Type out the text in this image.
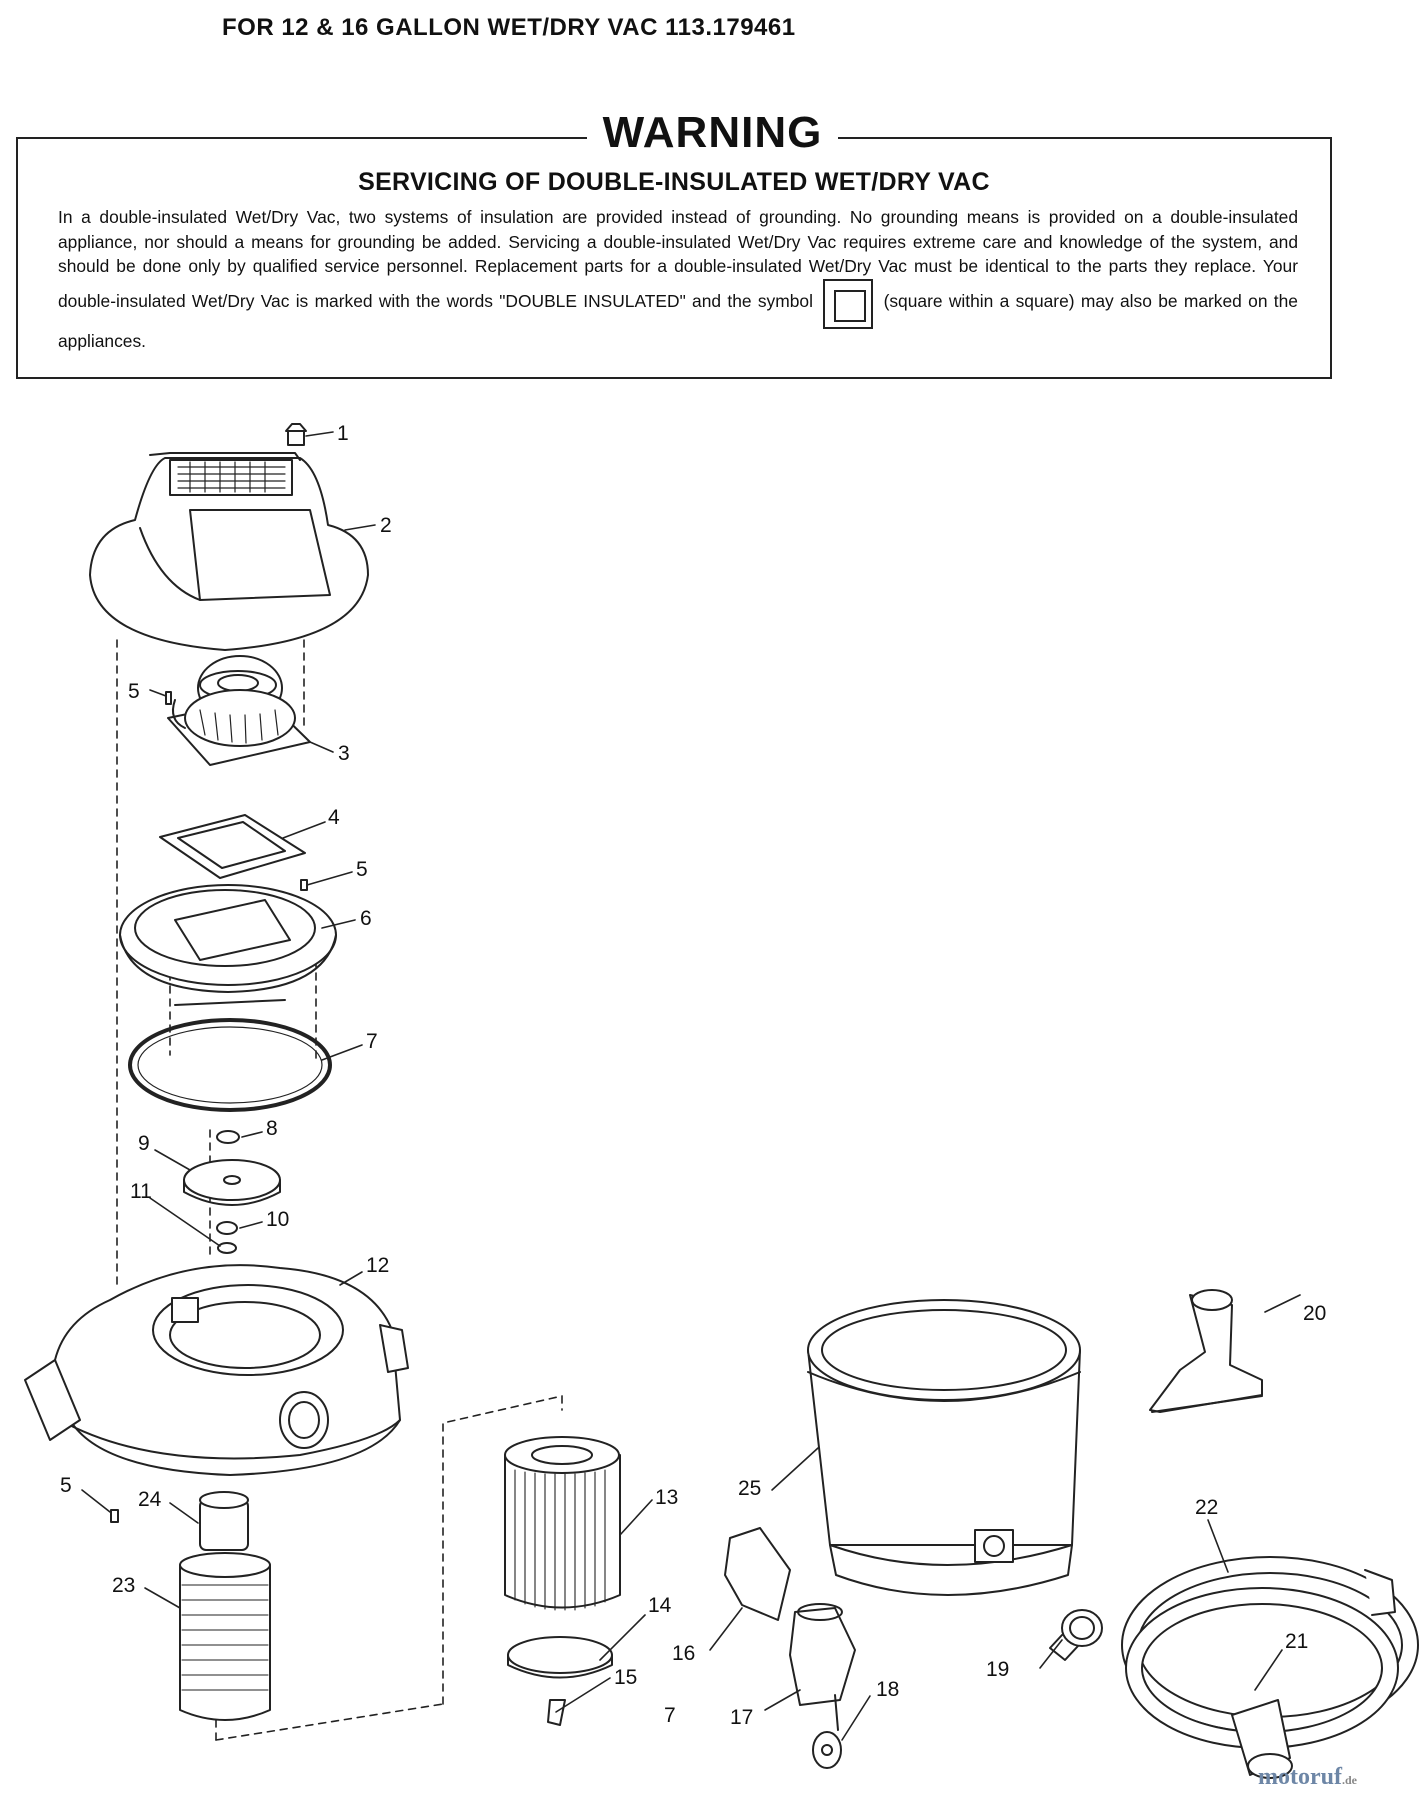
FOR 12 & 16 GALLON WET/DRY VAC 113.179461
WARNING
SERVICING OF DOUBLE-INSULATED WET/DRY VAC
In a double-insulated Wet/Dry Vac, two systems of insulation are provided instead of grounding. No grounding means is provided on a double-insulated appliance, nor should a means for grounding be added. Servicing a double-insulated Wet/Dry Vac requires extreme care and knowledge of the system, and should be done only by qualified service personnel. Replacement parts for a double-insulated Wet/Dry Vac must be identical to the parts they replace. Your double-insulated Wet/Dry Vac is marked with the words "DOUBLE INSULATED" and the symbol	(square within a square) may also be marked on the appliances.
1
2
5
3
4
5
6
7
8
9
11
10
12
5
24
23
13
14
15
7
16
17
18
25
19
20
22
21
motoruf.de
